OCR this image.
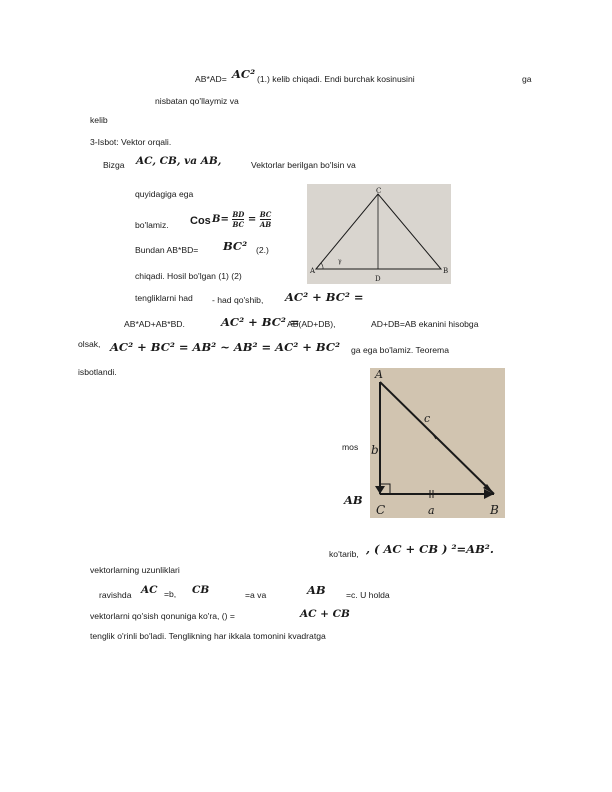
AB*AD= AC² (1.) kelib chiqadi. Endi burchak kosinusini	ga
nisbatan qo'llaymiz va
kelib
3-Isbot: Vektor orqali.
Bizga AC, CB, va AB,	Vektorlar berilgan bo'lsin va
quyidagiga ega
bo'lamiz. Cos $B= \frac{BD}{BC} = \frac{BC}{AB}$
Bundan AB*BD= BC² (2.)
chiqadi. Hosil bo'lgan (1) (2)
tengliklarni had - had qo'shib, AC² + BC² =
AB*AD+AB*BD.	AC² + BC² =
AB(AD+DB),	AD+DB=AB ekanini hisobga
olsak, AC² + BC² = AB² ~ AB² = AC² + BC² ga ega bo'lamiz. Teorema
isbotlandi.
C
A
D
B
γ
A
c
b
C	a	B
mos
AB
ko'tarib, , ( AC + CB ) ²=AB².
vektorlarning uzunliklari
ravishda AC =b, CB	=a va	AB =c. U holda
vektorlarni qo'sish qonuniga ko'ra, () =	AC + CB
tenglik o'rinli bo'ladi. Tenglikning har ikkala tomonini kvadratga
